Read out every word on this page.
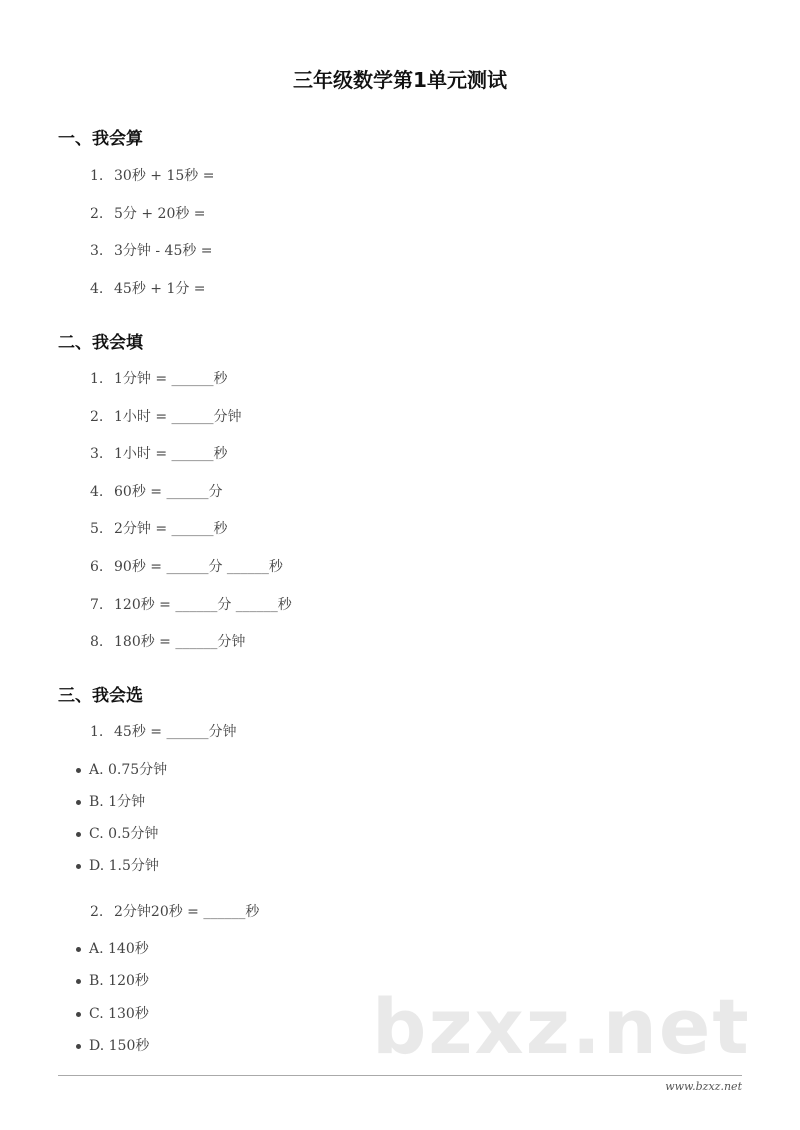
三年级数学第1单元测试
一、我会算
1. 30秒 + 15秒 =
2. 5分 + 20秒 =
3. 3分钟 - 45秒 =
4. 45秒 + 1分 =
二、我会填
1. 1分钟 = ______秒
2. 1小时 = ______分钟
3. 1小时 = ______秒
4. 60秒 = ______分
5. 2分钟 = ______秒
6. 90秒 = ______分 ______秒
7. 120秒 = ______分 ______秒
8. 180秒 = ______分钟
三、我会选
1. 45秒 = ______分钟
A. 0.75分钟
B. 1分钟
C. 0.5分钟
D. 1.5分钟
2. 2分钟20秒 = ______秒
A. 140秒
B. 120秒
C. 130秒
D. 150秒	bzxz.net
www.bzxz.net
